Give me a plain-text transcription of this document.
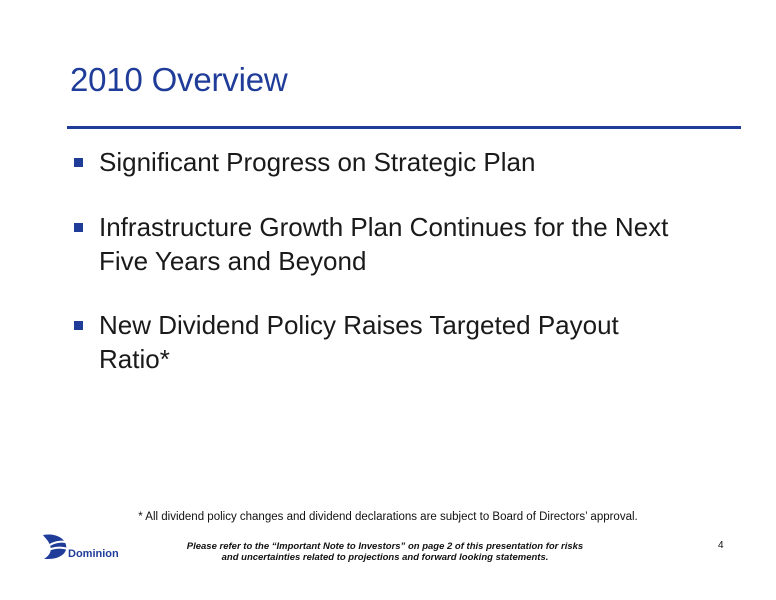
2010 Overview
Significant Progress on Strategic Plan
Infrastructure Growth Plan Continues for the Next
Five Years and Beyond
New Dividend Policy Raises Targeted Payout
Ratio*
* All dividend policy changes and dividend declarations are subject to Board of Directors’ approval.
Dominion
Please refer to the “Important Note to Investors” on page 2 of this presentation for risks
and uncertainties related to projections and forward looking statements.
4
